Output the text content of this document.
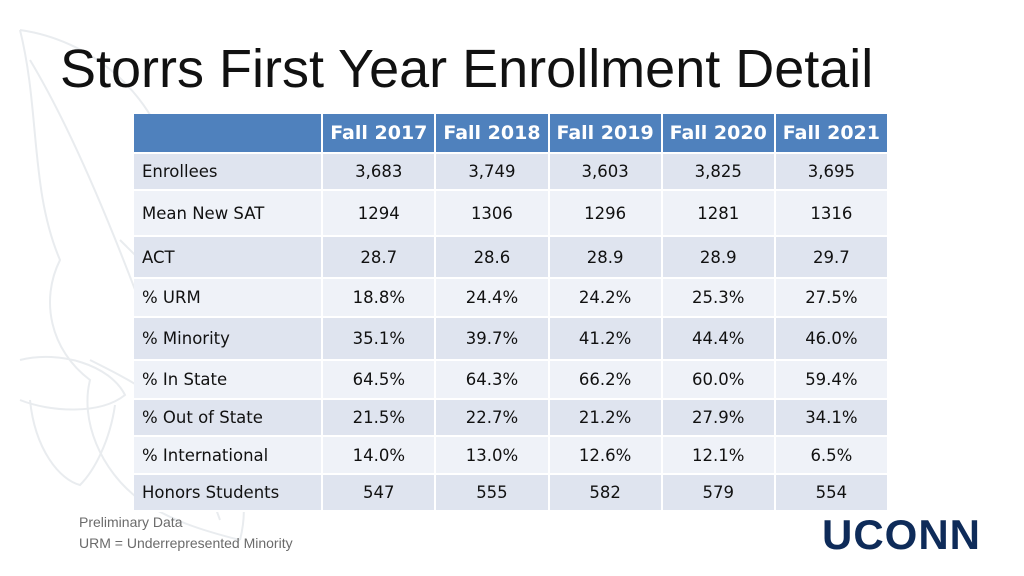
Storrs First Year Enrollment Detail
	Fall 2017	Fall 2018	Fall 2019	Fall 2020	Fall 2021
Enrollees	3,683	3,749	3,603	3,825	3,695
Mean New SAT	1294	1306	1296	1281	1316
ACT	28.7	28.6	28.9	28.9	29.7
% URM	18.8%	24.4%	24.2%	25.3%	27.5%
% Minority	35.1%	39.7%	41.2%	44.4%	46.0%
% In State	64.5%	64.3%	66.2%	60.0%	59.4%
% Out of State	21.5%	22.7%	21.2%	27.9%	34.1%
% International	14.0%	13.0%	12.6%	12.1%	6.5%
Honors Students	547	555	582	579	554
Preliminary Data
URM = Underrepresented Minority	UCONN
